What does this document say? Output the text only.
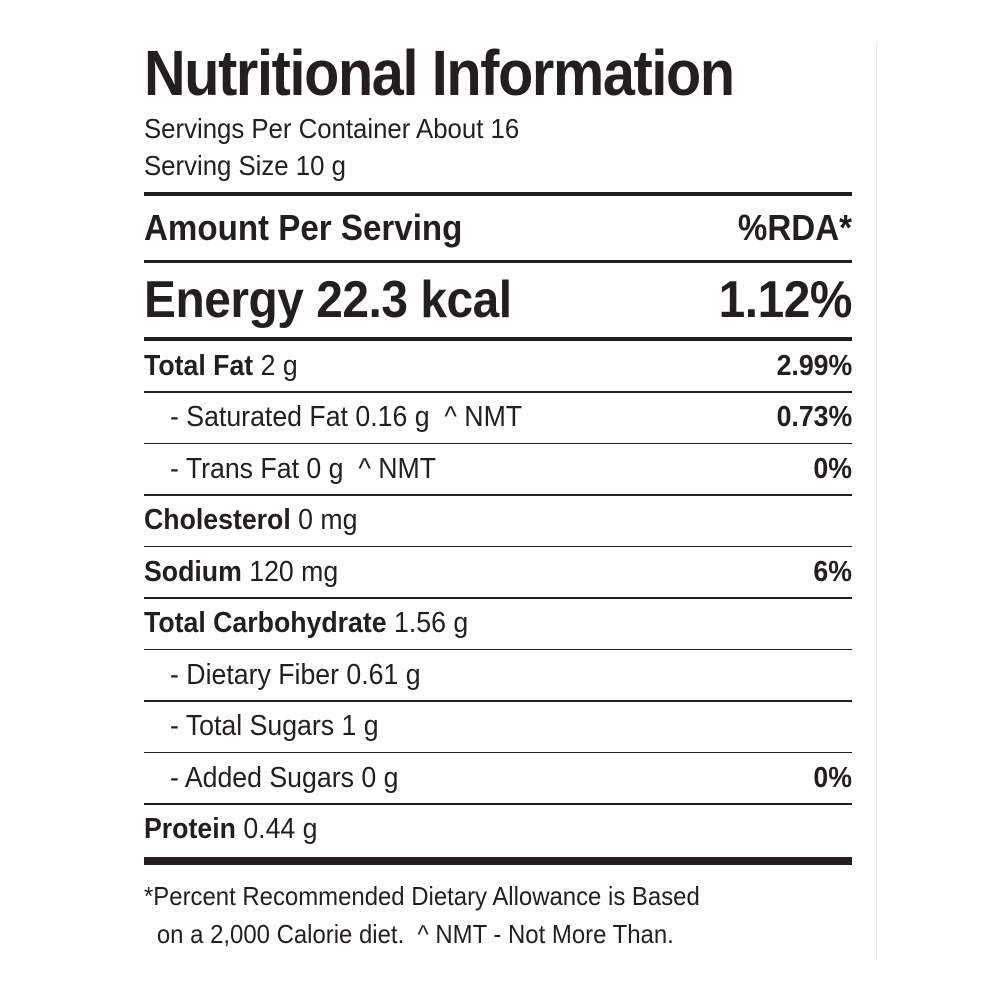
Nutritional Information
Servings Per Container About 16
Serving Size 10 g
Amount Per Serving	%RDA*
Energy 22.3 kcal	1.12%
Total Fat 2 g	2.99%
- Saturated Fat 0.16 g  ^ NMT	0.73%
- Trans Fat 0 g  ^ NMT	0%
Cholesterol 0 mg
Sodium 120 mg	6%
Total Carbohydrate 1.56 g
- Dietary Fiber 0.61 g
- Total Sugars 1 g
- Added Sugars 0 g	0%
Protein 0.44 g
*Percent Recommended Dietary Allowance is Based
on a 2,000 Calorie diet.  ^ NMT - Not More Than.
